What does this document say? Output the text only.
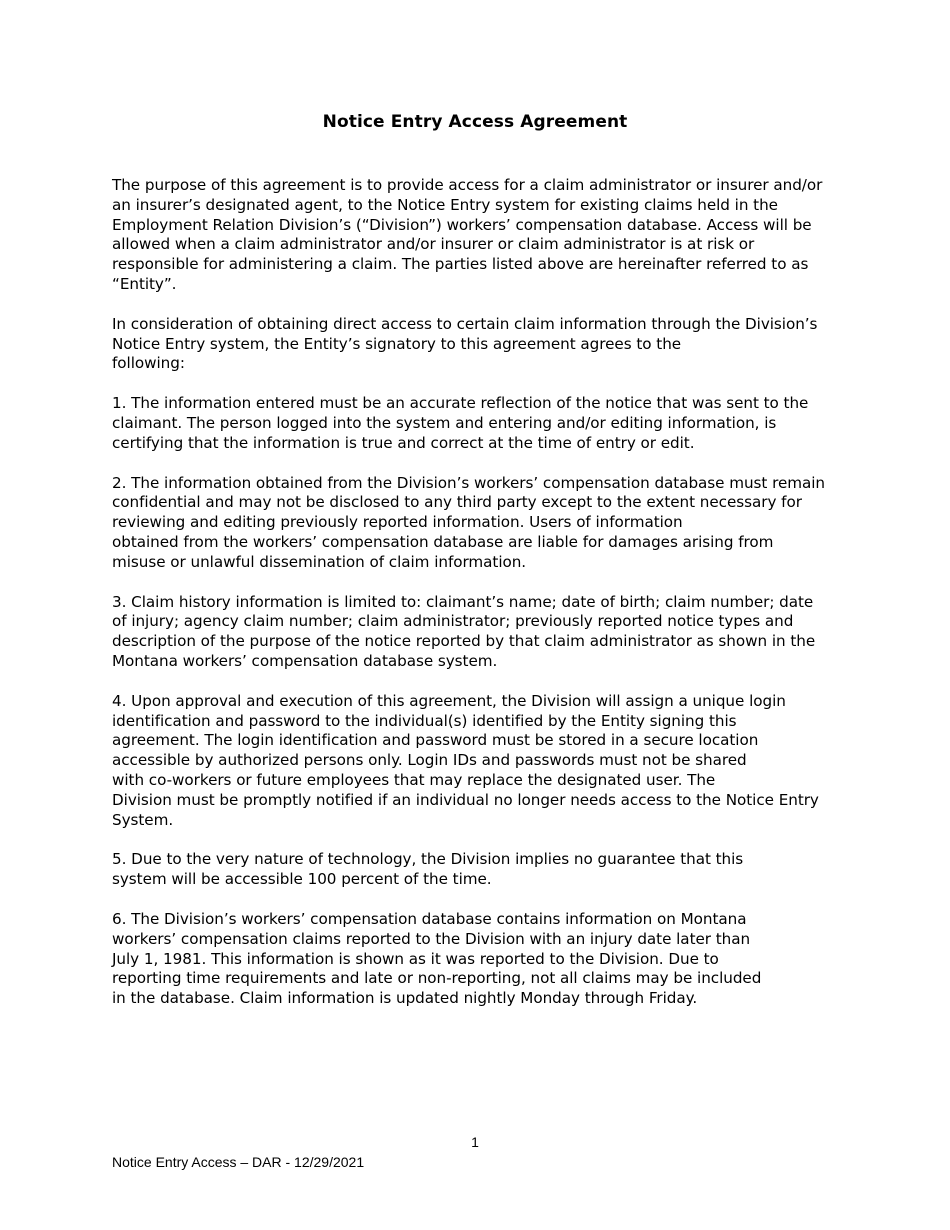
Notice Entry Access Agreement

The purpose of this agreement is to provide access for a claim administrator or insurer and/or
an insurer’s designated agent, to the Notice Entry system for existing claims held in the
Employment Relation Division’s (“Division”) workers’ compensation database. Access will be
allowed when a claim administrator and/or insurer or claim administrator is at risk or
responsible for administering a claim. The parties listed above are hereinafter referred to as
“Entity”.

In consideration of obtaining direct access to certain claim information through the Division’s
Notice Entry system, the Entity’s signatory to this agreement agrees to the
following:

1. The information entered must be an accurate reflection of the notice that was sent to the
claimant. The person logged into the system and entering and/or editing information, is
certifying that the information is true and correct at the time of entry or edit.

2. The information obtained from the Division’s workers’ compensation database must remain
confidential and may not be disclosed to any third party except to the extent necessary for
reviewing and editing previously reported information. Users of information
obtained from the workers’ compensation database are liable for damages arising from
misuse or unlawful dissemination of claim information.

3. Claim history information is limited to: claimant’s name; date of birth; claim number; date
of injury; agency claim number; claim administrator; previously reported notice types and
description of the purpose of the notice reported by that claim administrator as shown in the
Montana workers’ compensation database system.

4. Upon approval and execution of this agreement, the Division will assign a unique login
identification and password to the individual(s) identified by the Entity signing this
agreement. The login identification and password must be stored in a secure location
accessible by authorized persons only. Login IDs and passwords must not be shared
with co-workers or future employees that may replace the designated user. The
Division must be promptly notified if an individual no longer needs access to the Notice Entry
System.

5. Due to the very nature of technology, the Division implies no guarantee that this
system will be accessible 100 percent of the time.

6. The Division’s workers’ compensation database contains information on Montana
workers’ compensation claims reported to the Division with an injury date later than
July 1, 1981. This information is shown as it was reported to the Division. Due to
reporting time requirements and late or non-reporting, not all claims may be included
in the database. Claim information is updated nightly Monday through Friday.

1
Notice Entry Access – DAR - 12/29/2021
